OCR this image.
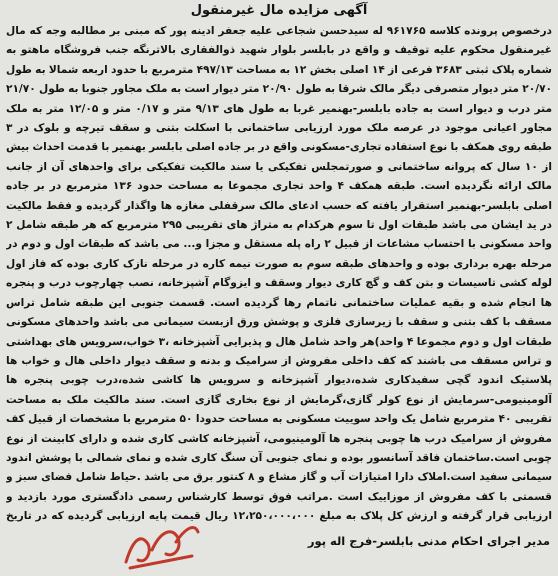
آگهی مزایده مال غیرمنقول
درخصوص پرونده کلاسه ۹۶۱۷۶۵ له سیدحسن شجاعی علیه جعفر ادینه پور که مبنی بر مطالبه وجه که مال غیرمنقول محکوم علیه توقیف و واقع در بابلسر بلوار شهید ذوالفقاری بالاترنگه جنب فروشگاه ماهتو به شماره پلاک ثبتی ۳۶۸۳ فرعی از ۱۴ اصلی بخش ۱۲ به مساحت ۴۹۷/۱۳ مترمربع با حدود اربعه شمالا به طول ۲۰/۷۰ متر دیوار متصرفی دیگر مالک شرقا به طول ۲۰/۹۰ متر دیوار است به ملک مجاور جنوبا به طول ۲۱/۷۰ متر درب و دیوار است به جاده بابلسر-بهنمیر غربا به طول های ۹/۱۳ متر و ۰/۱۷ متر و ۱۲/۰۵ متر به ملک مجاور اعیانی موجود در عرصه ملک مورد ارزیابی ساختمانی با اسکلت بتنی و سقف تیرچه و بلوک در ۳ طبقه روی همکف با نوع استفاده تجاری-مسکونی واقع در بر جاده اصلی بابلسر بهنمیر با قدمت احداث بیش از ۱۰ سال که پروانه ساختمانی و صورتمجلس تفکیکی یا سند مالکیت تفکیکی برای واحدهای آن از جانب مالک ارائه نگردیده است. طبقه همکف ۴ واحد تجاری مجموعا به مساحت حدود ۱۳۶ مترمربع در بر جاده اصلی بابلسر-بهنمیر استقرار یافته که حسب ادعای مالک سرقفلی مغازه ها واگذار گردیده و فقط مالکیت در ید ایشان می باشد طبقات اول تا سوم هرکدام به متراژ های تقریبی ۲۹۵ مترمربع که هر طبقه شامل ۲ واحد مسکونی با احتساب مشاعات از قبیل ۲ راه پله مستقل و مجزا و... می باشد که طبقات اول و دوم در مرحله بهره برداری بوده و واحدهای طبقه سوم به صورت نیمه کاره در مرحله نازک کاری بوده که فاز اول لوله کشی تاسیسات و بتن کف و گچ کاری دیوار وسقف و ایزوگام آشپزخانه، نصب چهارچوب درب و پنجره ها انجام شده و بقیه عملیات ساختمانی ناتمام رها گردیده است. قسمت جنوبی این طبقه شامل تراس مسقف با کف بتنی و سقف با زیرسازی فلزی و پوشش ورق ازبست سیمانی می باشد واحدهای مسکونی طبقات اول و دوم مجموعا ۴ واحد)هر واحد شامل هال و پذیرایی آشپزخانه ،۳ خواب،سرویس های بهداشتی و تراس مسقف می باشند که کف داخلی مفروش از سرامیک و بدنه و سقف دیوار داخلی هال و خواب ها پلاستیک اندود گچی سفیدکاری شده،دیوار آشپزخانه و سرویس ها کاشی شده،درب چوبی پنجره ها آلومینیومی-سرمایش از نوع کولر گازی،گرمایش از نوع بخاری گازی است. سند مالکیت ملک به مساحت تقریبی ۴۰ مترمربع شامل یک واحد سوییت مسکونی به مساحت حدودا ۵۰ مترمربع با مشخصات از قبیل کف مفروش از سرامیک درب ها چوبی پنجره ها آلومینیومی، آشپزخانه کاشی کاری شده و دارای کابینت از نوع چوبی است.ساختمان فاقد آسانسور بوده و نمای جنوبی آن سنگ کاری شده و نمای شمالی با پوشش اندود سیمانی سفید است.املاک دارا امتیازات آب و گاز مشاع و ۸ کنتور برق می باشد .حیاط شامل فضای سبز و قسمتی با کف مفروش از موزاییک است .مراتب فوق توسط کارشناس رسمی دادگستری مورد بازدید و ارزیابی قرار گرفته و ارزش کل پلاک به مبلغ ۱۲،۲۵۰،۰۰۰،۰۰۰ ریال قیمت پایه ارزیابی گردیده که در تاریخ
مدیر اجرای احکام مدنی بابلسر-فرج اله پور
